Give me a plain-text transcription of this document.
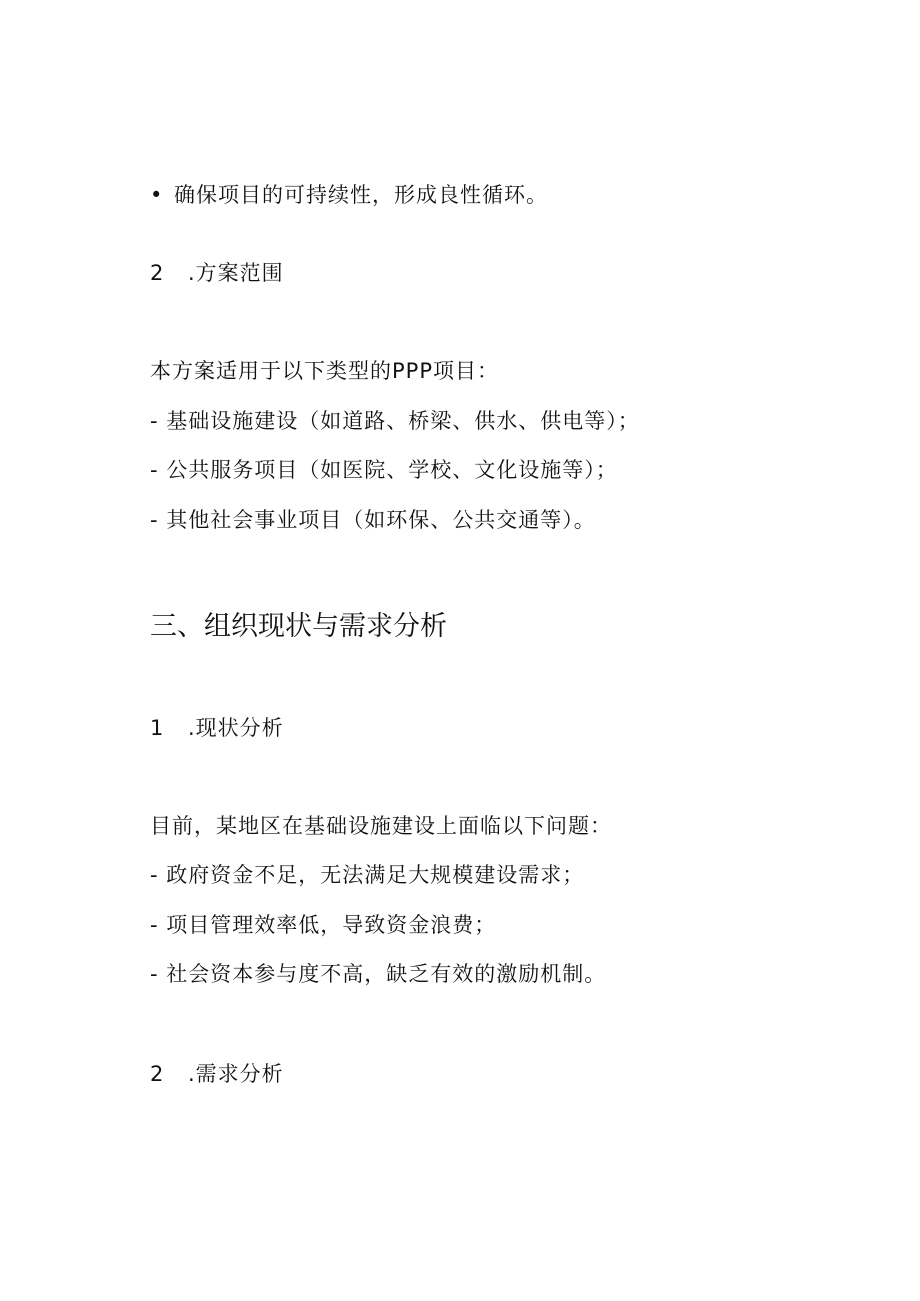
• 确保项目的可持续性，形成良性循环。
2 .方案范围
本方案适用于以下类型的PPP项目：
- 基础设施建设（如道路、桥梁、供水、供电等）；
- 公共服务项目（如医院、学校、文化设施等）；
- 其他社会事业项目（如环保、公共交通等）。
三、组织现状与需求分析
1 .现状分析
目前，某地区在基础设施建设上面临以下问题：
- 政府资金不足，无法满足大规模建设需求；
- 项目管理效率低，导致资金浪费；
- 社会资本参与度不高，缺乏有效的激励机制。
2 .需求分析
